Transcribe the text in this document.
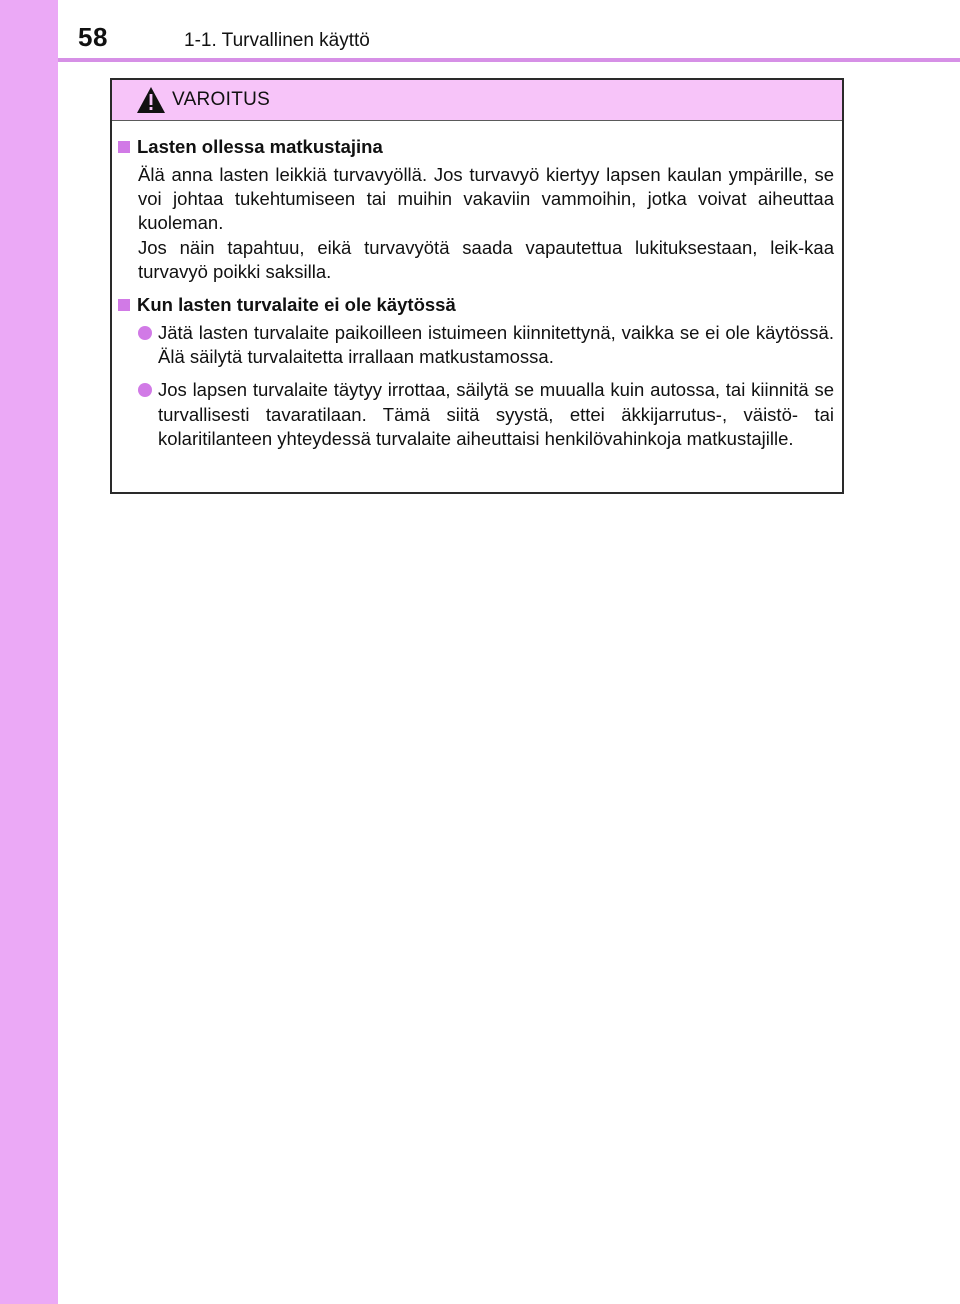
58	1-1. Turvallinen käyttö
VAROITUS
Lasten ollessa matkustajina
Älä anna lasten leikkiä turvavyöllä. Jos turvavyö kiertyy lapsen kaulan ympärille, se voi johtaa tukehtumiseen tai muihin vakaviin vammoihin, jotka voivat aiheuttaa kuoleman.
Jos näin tapahtuu, eikä turvavyötä saada vapautettua lukituksestaan, leik-kaa turvavyö poikki saksilla.
Kun lasten turvalaite ei ole käytössä
Jätä lasten turvalaite paikoilleen istuimeen kiinnitettynä, vaikka se ei ole käytössä. Älä säilytä turvalaitetta irrallaan matkustamossa.
Jos lapsen turvalaite täytyy irrottaa, säilytä se muualla kuin autossa, tai kiinnitä se turvallisesti tavaratilaan. Tämä siitä syystä, ettei äkkijarrutus-, väistö- tai kolaritilanteen yhteydessä turvalaite aiheuttaisi henkilövahinkoja matkustajille.
